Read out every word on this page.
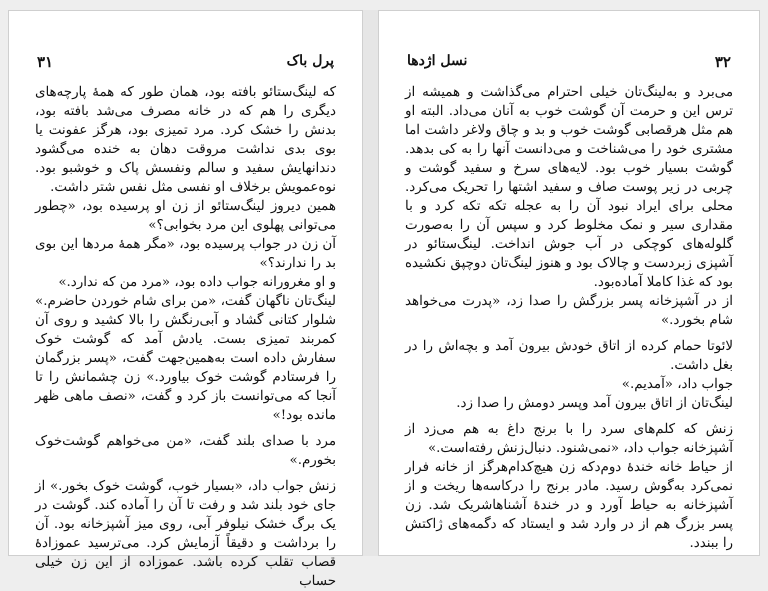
۳۱	پرل باک

که لینگ‌ستائو بافته بود، همان طور که همهٔ پارچه‌های دیگری را هم که در خانه مصرف می‌شد بافته بود، بدنش را خشک کرد. مرد تمیزی بود، هرگز عفونت یا بوی بدی نداشت مروقت دهان به خنده می‌گشود دندانهایش سفید و سالم ونفسش پاک و خوشبو بود. نوه‌عمویش برخلاف او نفسی مثل نفس شتر داشت.

همین دیروز لینگ‌ستائو از زن او پرسیده بود، «چطور می‌توانی پهلوی این مرد بخوابی؟»

آن زن در جواب پرسیده بود، «مگر همهٔ مردها این بوی بد را ندارند؟»

و او مغرورانه جواب داده بود، «مرد من که ندارد.»

لینگ‌تان ناگهان گفت، «من برای شام خوردن حاضرم.» شلوار کتانی گشاد و آبی‌رنگش را بالا کشید و روی آن کمربند تمیزی بست. یادش آمد که گوشت خوک سفارش داده است به‌همین‌جهت گفت، «پسر بزرگمان را فرستادم گوشت خوک بیاورد.» زن چشمانش را تا آنجا که می‌توانست باز کرد و گفت، «نصف ماهی ظهر مانده بود!»

مرد با صدای بلند گفت، «من می‌خواهم گوشت‌خوک بخورم.»

زنش جواب داد، «بسیار خوب، گوشت خوک بخور.» از جای خود بلند شد و رفت تا آن را آماده کند. گوشت در یک برگ خشک نیلوفر آبی، روی میز آشپزخانه بود. آن را برداشت و دقیقاً آزمایش کرد. می‌ترسید عموزادهٔ قصاب تقلب کرده باشد. عموزاده از این زن خیلی حساب

۳۲
نسل اژدها

می‌برد و به‌لینگ‌تان خیلی احترام می‌گذاشت و همیشه از ترس این و حرمت آن گوشت خوب به آنان می‌داد. البته او هم مثل هرقصابی گوشت خوب و بد و چاق ولاغر داشت اما مشتری خود را می‌شناخت و می‌دانست آنها را به کی بدهد. گوشت بسیار خوب بود. لایه‌های سرخ و سفید گوشت و چربی در زیر پوست صاف و سفید اشتها را تحریک می‌کرد. محلی برای ایراد نبود آن را به عجله تکه تکه کرد و با مقداری سیر و نمک مخلوط کرد و سپس آن را به‌صورت گلوله‌های کوچکی در آب جوش انداخت. لینگ‌ستائو در آشپزی زبردست و چالاک بود و هنوز لینگ‌تان دوچپق نکشیده بود که غذا کاملا آماده‌بود.

از در آشپزخانه پسر بزرگش را صدا زد، «پدرت می‌خواهد شام بخورد.»

لائوتا حمام کرده از اتاق خودش بیرون آمد و بچه‌اش را در بغل داشت.

جواب داد، «آمدیم.»

لینگ‌تان از اتاق بیرون آمد وپسر دومش را صدا زد.

زنش که کلم‌های سرد را با برنج داغ به هم می‌زد از آشپزخانه جواب داد، «نمی‌شنود. دنبال‌زنش رفته‌است.»

از حیاط خانه خندهٔ دوم‌دکه زن هیچ‌کدام‌هرگز از خانه فرار نمی‌کرد به‌گوش رسید. مادر برنج را درکاسه‌ها ریخت و از آشپزخانه به حیاط آورد و در خندهٔ آشناهاشریک شد. زن پسر بزرگ هم از در وارد شد و ایستاد که دگمه‌های ژاکتش را ببندد.
